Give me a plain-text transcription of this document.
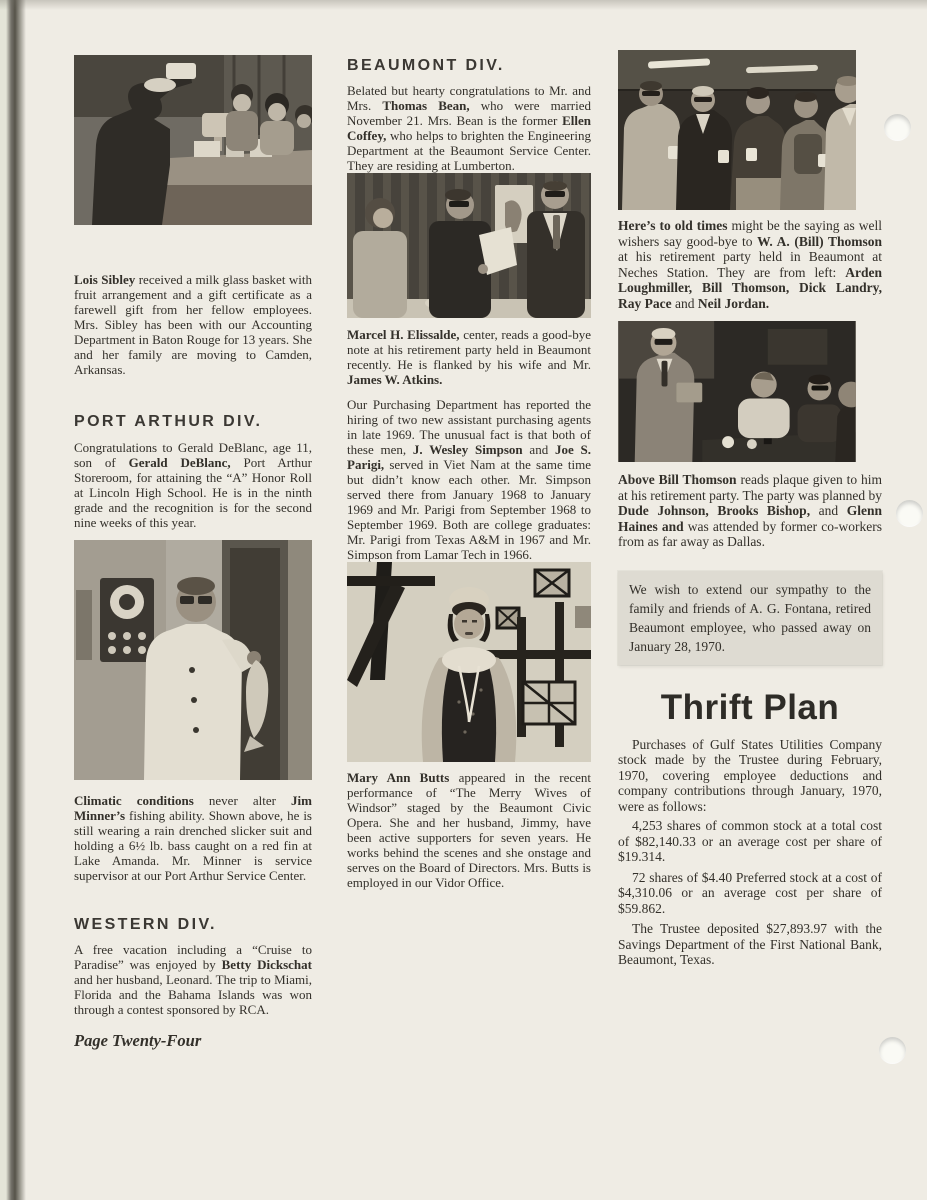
Lois Sibley received a milk glass basket with fruit arrangement and a gift certificate as a farewell gift from her fellow employees. Mrs. Sibley has been with our Accounting Department in Baton Rouge for 13 years. She and her family are moving to Camden, Arkansas.

PORT ARTHUR DIV.

Congratulations to Gerald DeBlanc, age 11, son of Gerald DeBlanc, Port Arthur Storeroom, for attaining the “A” Honor Roll at Lincoln High School. He is in the ninth grade and the recognition is for the second nine weeks of this year.

Climatic conditions never alter Jim Minner’s fishing ability. Shown above, he is still wearing a rain drenched slicker suit and holding a 6½ lb. bass caught on a red fin at Lake Amanda. Mr. Minner is service supervisor at our Port Arthur Service Center.

WESTERN DIV.

A free vacation including a “Cruise to Paradise” was enjoyed by Betty Dickschat and her husband, Leonard. The trip to Miami, Florida and the Bahama Islands was won through a contest sponsored by RCA.

Page Twenty-Four
BEAUMONT DIV.

Belated but hearty congratulations to Mr. and Mrs. Thomas Bean, who were married November 21. Mrs. Bean is the former Ellen Coffey, who helps to brighten the Engineering Department at the Beaumont Service Center. They are residing at Lumberton.

Marcel H. Elissalde, center, reads a good-bye note at his retirement party held in Beaumont recently. He is flanked by his wife and Mr. James W. Atkins.

Our Purchasing Department has reported the hiring of two new assistant purchasing agents in late 1969. The unusual fact is that both of these men, J. Wesley Simpson and Joe S. Parigi, served in Viet Nam at the same time but didn’t know each other. Mr. Simpson served there from January 1968 to January 1969 and Mr. Parigi from September 1968 to September 1969. Both are college graduates: Mr. Parigi from Texas A&M in 1967 and Mr. Simpson from Lamar Tech in 1966.

Mary Ann Butts appeared in the recent performance of “The Merry Wives of Windsor” staged by the Beaumont Civic Opera. She and her husband, Jimmy, have been active supporters for seven years. He works behind the scenes and she onstage and serves on the Board of Directors. Mrs. Butts is employed in our Vidor Office.

Here’s to old times might be the saying as well wishers say good-bye to W. A. (Bill) Thomson at his retirement party held in Beaumont at Neches Station. They are from left: Arden Loughmiller, Bill Thomson, Dick Landry, Ray Pace and Neil Jordan.

Above Bill Thomson reads plaque given to him at his retirement party. The party was planned by Dude Johnson, Brooks Bishop, and Glenn Haines and was attended by former co-workers from as far away as Dallas.

We wish to extend our sympathy to the family and friends of A. G. Fontana, retired Beaumont employee, who passed away on January 28, 1970.
Thrift Plan

Purchases of Gulf States Utilities Company stock made by the Trustee during February, 1970, covering employee deductions and company contributions through January, 1970, were as follows:

4,253 shares of common stock at a total cost of $82,140.33 or an average cost per share of $19.314.

72 shares of $4.40 Preferred stock at a cost of $4,310.06 or an average cost per share of $59.862.

The Trustee deposited $27,893.97 with the Savings Department of the First National Bank, Beaumont, Texas.
